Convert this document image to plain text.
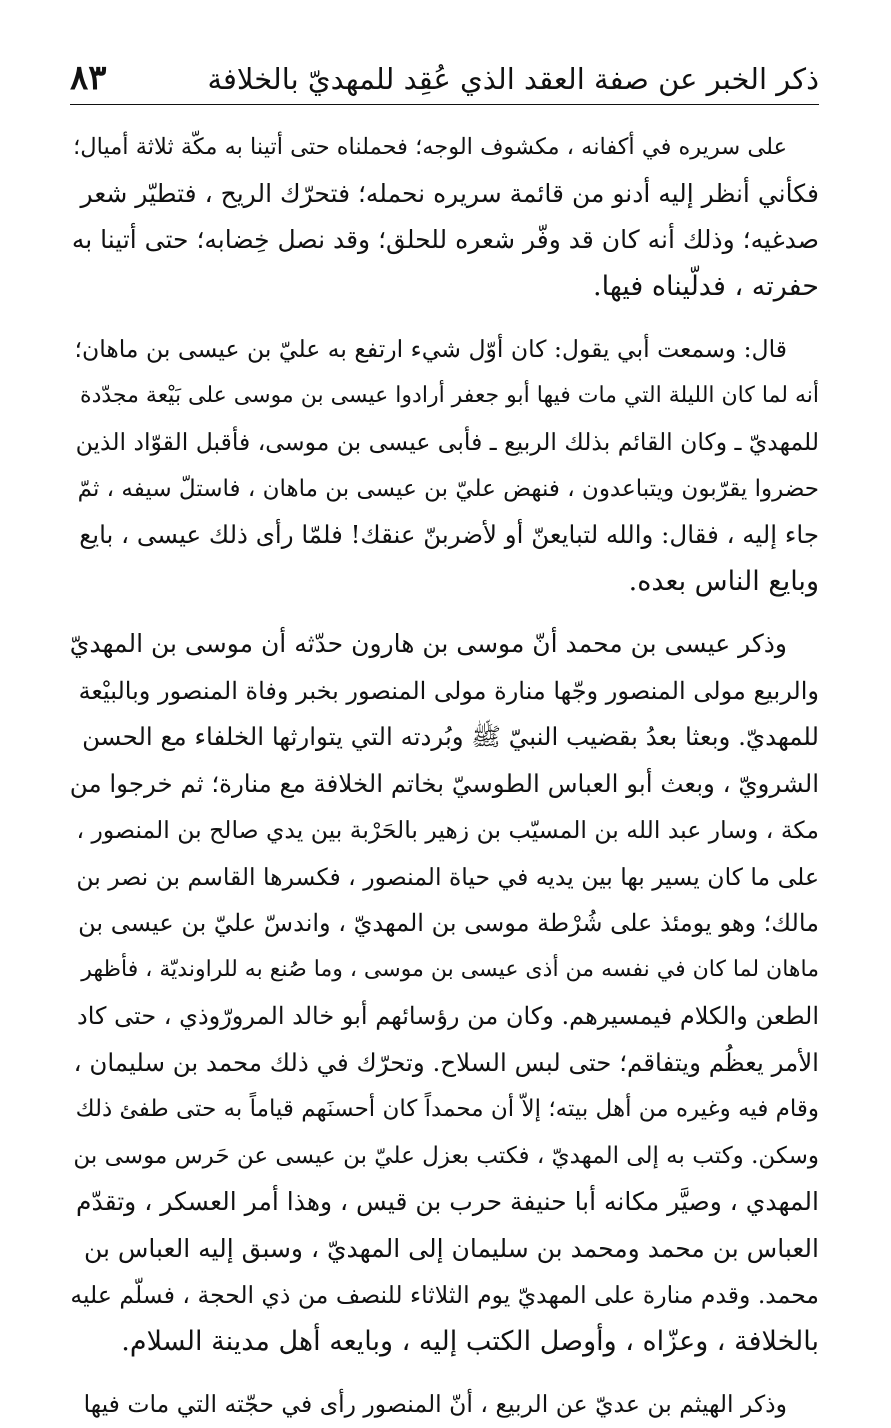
ذكر الخبر عن صفة العقد الذي عُقِد للمهديّ بالخلافة
٨٣

على سريره في أكفانه ، مكشوف الوجه؛ فحملناه حتى أتينا به مكّة ثلاثة أميال؛
فكأني أنظر إليه أدنو من قائمة سريره نحمله؛ فتحرّك الريح ، فتطيّر شعر
صدغيه؛ وذلك أنه كان قد وفّر شعره للحلق؛ وقد نصل خِضابه؛ حتى أتينا به
حفرته ، فدلّيناه فيها.

قال: وسمعت أبي يقول: كان أوّل شيء ارتفع به عليّ بن عيسى بن ماهان؛
أنه لما كان الليلة التي مات فيها أبو جعفر أرادوا عيسى بن موسى على بَيْعة مجدّدة
للمهديّ ـ وكان القائم بذلك الربيع ـ فأبى عيسى بن موسى، فأقبل القوّاد الذين
حضروا يقرّبون ويتباعدون ، فنهض عليّ بن عيسى بن ماهان ، فاستلّ سيفه ، ثمّ
جاء إليه ، فقال: والله لتبايعنّ أو لأضربنّ عنقك! فلمّا رأى ذلك عيسى ، بايع
وبايع الناس بعده.

وذكر عيسى بن محمد أنّ موسى بن هارون حدّثه أن موسى بن المهديّ
والربيع مولى المنصور وجّها منارة مولى المنصور بخبر وفاة المنصور وبالبيْعة
للمهديّ. وبعثا بعدُ بقضيب النبيّ ﷺ وبُردته التي يتوارثها الخلفاء مع الحسن
الشرويّ ، وبعث أبو العباس الطوسيّ بخاتم الخلافة مع منارة؛ ثم خرجوا من
مكة ، وسار عبد الله بن المسيّب بن زهير بالحَرْبة بين يدي صالح بن المنصور ،
على ما كان يسير بها بين يديه في حياة المنصور ، فكسرها القاسم بن نصر بن
مالك؛ وهو يومئذ على شُرْطة موسى بن المهديّ ، واندسّ عليّ بن عيسى بن
ماهان لما كان في نفسه من أذى عيسى بن موسى ، وما صُنع به للراونديّة ، فأظهر
الطعن والكلام فيمسيرهم. وكان من رؤسائهم أبو خالد المرورّوذي ، حتى كاد
الأمر يعظُم ويتفاقم؛ حتى لبس السلاح. وتحرّك في ذلك محمد بن سليمان ،
وقام فيه وغيره من أهل بيته؛ إلاّ أن محمداً كان أحسنَهم قياماً به حتى طفئ ذلك
وسكن. وكتب به إلى المهديّ ، فكتب بعزل عليّ بن عيسى عن حَرس موسى بن
المهدي ، وصيَّر مكانه أبا حنيفة حرب بن قيس ، وهذا أمر العسكر ، وتقدّم
العباس بن محمد ومحمد بن سليمان إلى المهديّ ، وسبق إليه العباس بن
محمد. وقدم منارة على المهديّ يوم الثلاثاء للنصف من ذي الحجة ، فسلّم عليه
بالخلافة ، وعزّاه ، وأوصل الكتب إليه ، وبايعه أهل مدينة السلام.

وذكر الهيثم بن عديّ عن الربيع ، أنّ المنصور رأى في حجّته التي مات فيها
